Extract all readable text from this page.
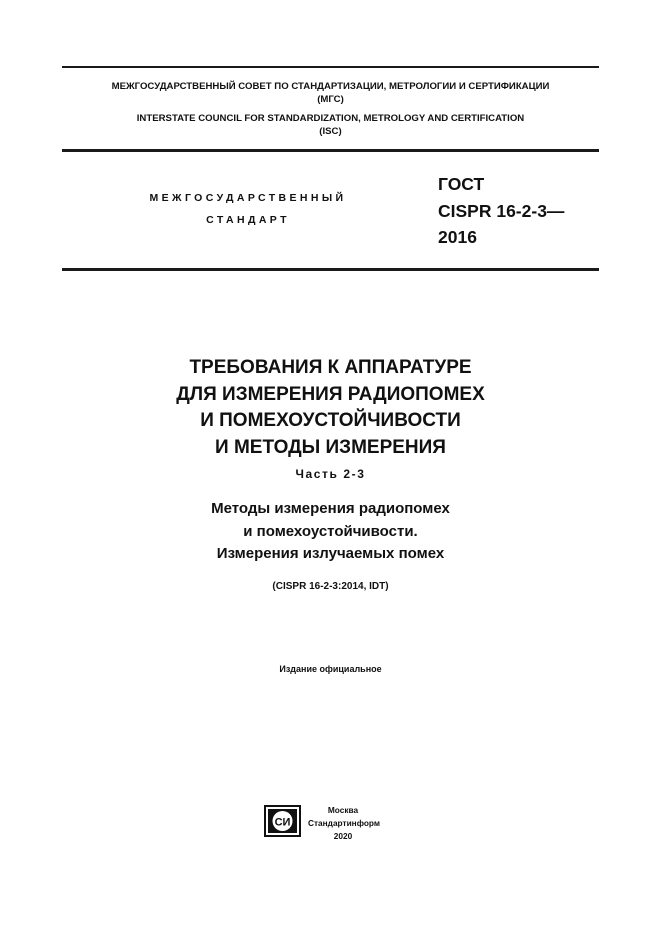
МЕЖГОСУДАРСТВЕННЫЙ СОВЕТ ПО СТАНДАРТИЗАЦИИ, МЕТРОЛОГИИ И СЕРТИФИКАЦИИ
(МГС)
INTERSTATE COUNCIL FOR STANDARDIZATION, METROLOGY AND CERTIFICATION
(ISC)
МЕЖГОСУДАРСТВЕННЫЙ
СТАНДАРТ
ГОСТ
CISPR 16-2-3—
2016
ТРЕБОВАНИЯ К АППАРАТУРЕ
ДЛЯ ИЗМЕРЕНИЯ РАДИОПОМЕХ
И ПОМЕХОУСТОЙЧИВОСТИ
И МЕТОДЫ ИЗМЕРЕНИЯ
Часть 2-3
Методы измерения радиопомех
и помехоустойчивости.
Измерения излучаемых помех
(CISPR 16-2-3:2014, IDT)
Издание официальное
СИ
Москва
Стандартинформ
2020
